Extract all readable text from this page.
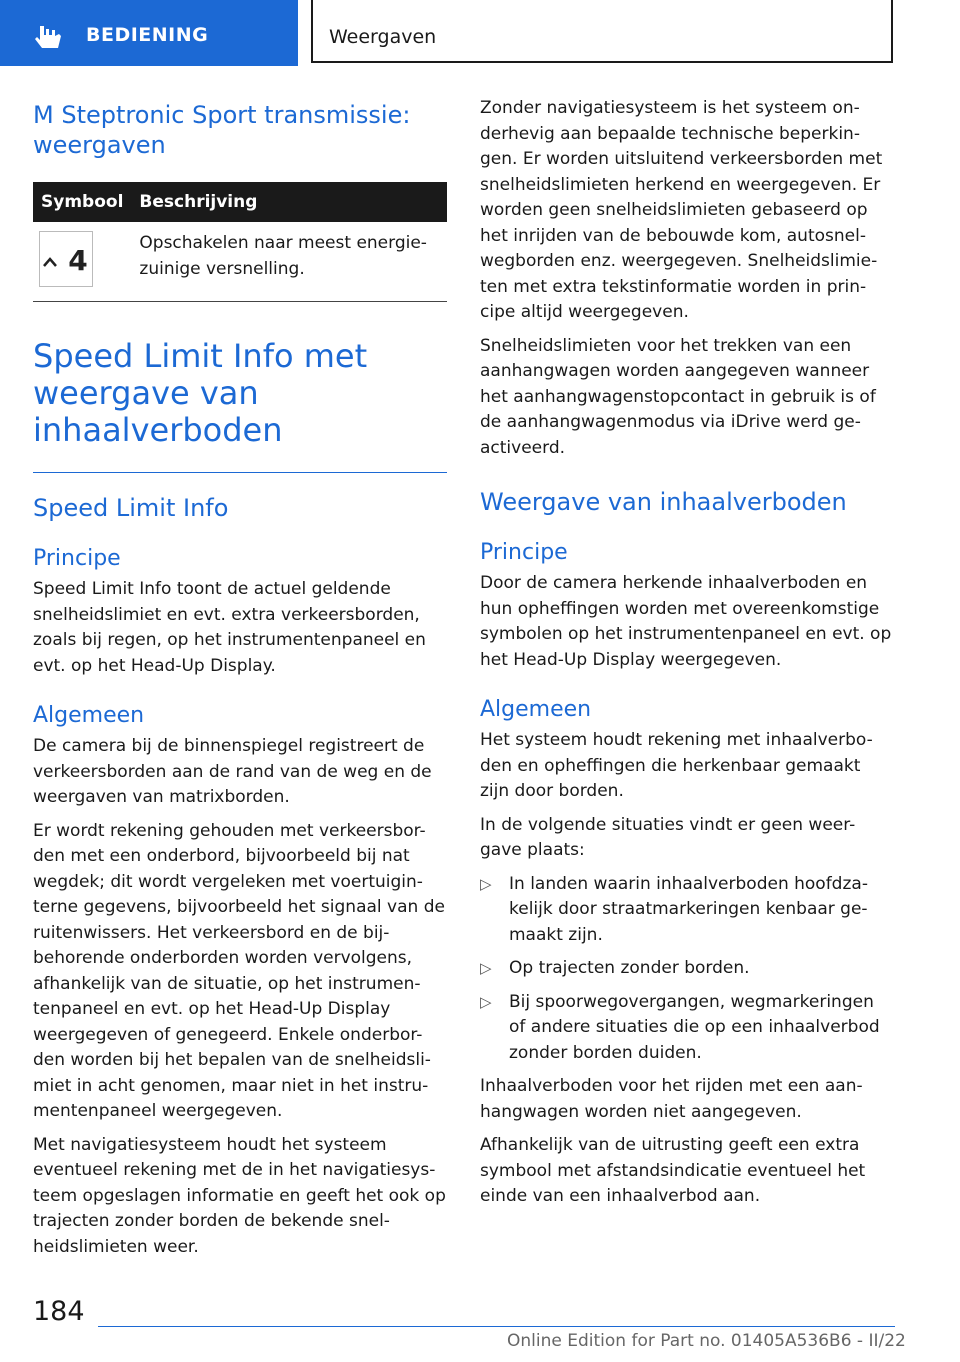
BEDIENING	Weergaven
M Steptronic Sport transmissie: weergaven
Symbool	Beschrijving

4	Opschakelen naar meest energie-zuinige versnelling.
Speed Limit Info met weergave van inhaalverboden
Speed Limit Info
Principe

Speed Limit Info toont de actuel geldende snelheidslimiet en evt. extra verkeersborden, zoals bij regen, op het instrumentenpaneel en evt. op het Head-Up Display.

Algemeen

De camera bij de binnenspiegel registreert de verkeersborden aan de rand van de weg en de weergaven van matrixborden.

Er wordt rekening gehouden met verkeersbor-den met een onderbord, bijvoorbeeld bij nat wegdek; dit wordt vergeleken met voertuigin-terne gegevens, bijvoorbeeld het signaal van de ruitenwissers. Het verkeersbord en de bij-behorende onderborden worden vervolgens, afhankelijk van de situatie, op het instrumen-tenpaneel en evt. op het Head-Up Display weergegeven of genegeerd. Enkele onderbor-den worden bij het bepalen van de snelheidsli-miet in acht genomen, maar niet in het instru-mentenpaneel weergegeven.

Met navigatiesysteem houdt het systeem eventueel rekening met de in het navigatiesys-teem opgeslagen informatie en geeft het ook op trajecten zonder borden de bekende snel-heidslimieten weer.

Zonder navigatiesysteem is het systeem on-derhevig aan bepaalde technische beperkin-gen. Er worden uitsluitend verkeersborden met snelheidslimieten herkend en weergegeven. Er worden geen snelheidslimieten gebaseerd op het inrijden van de bebouwde kom, autosnel-wegborden enz. weergegeven. Snelheidslimie-ten met extra tekstinformatie worden in prin-cipe altijd weergegeven.

Snelheidslimieten voor het trekken van een aanhangwagen worden aangegeven wanneer het aanhangwagenstopcontact in gebruik is of de aanhangwagenmodus via iDrive werd ge-activeerd.

Weergave van inhaalverboden
Principe

Door de camera herkende inhaalverboden en hun opheffingen worden met overeenkomstige symbolen op het instrumentenpaneel en evt. op het Head-Up Display weergegeven.

Algemeen

Het systeem houdt rekening met inhaalverbo-den en opheffingen die herkenbaar gemaakt zijn door borden.

In de volgende situaties vindt er geen weer-gave plaats:

▷ In landen waarin inhaalverboden hoofdza-kelijk door straatmarkeringen kenbaar ge-maakt zijn.
▷ Op trajecten zonder borden.
▷ Bij spoorwegovergangen, wegmarkeringen of andere situaties die op een inhaalverbod zonder borden duiden.

Inhaalverboden voor het rijden met een aan-hangwagen worden niet aangegeven.

Afhankelijk van de uitrusting geeft een extra symbool met afstandsindicatie eventueel het einde van een inhaalverbod aan.

184
Online Edition for Part no. 01405A536B6 - II/22
